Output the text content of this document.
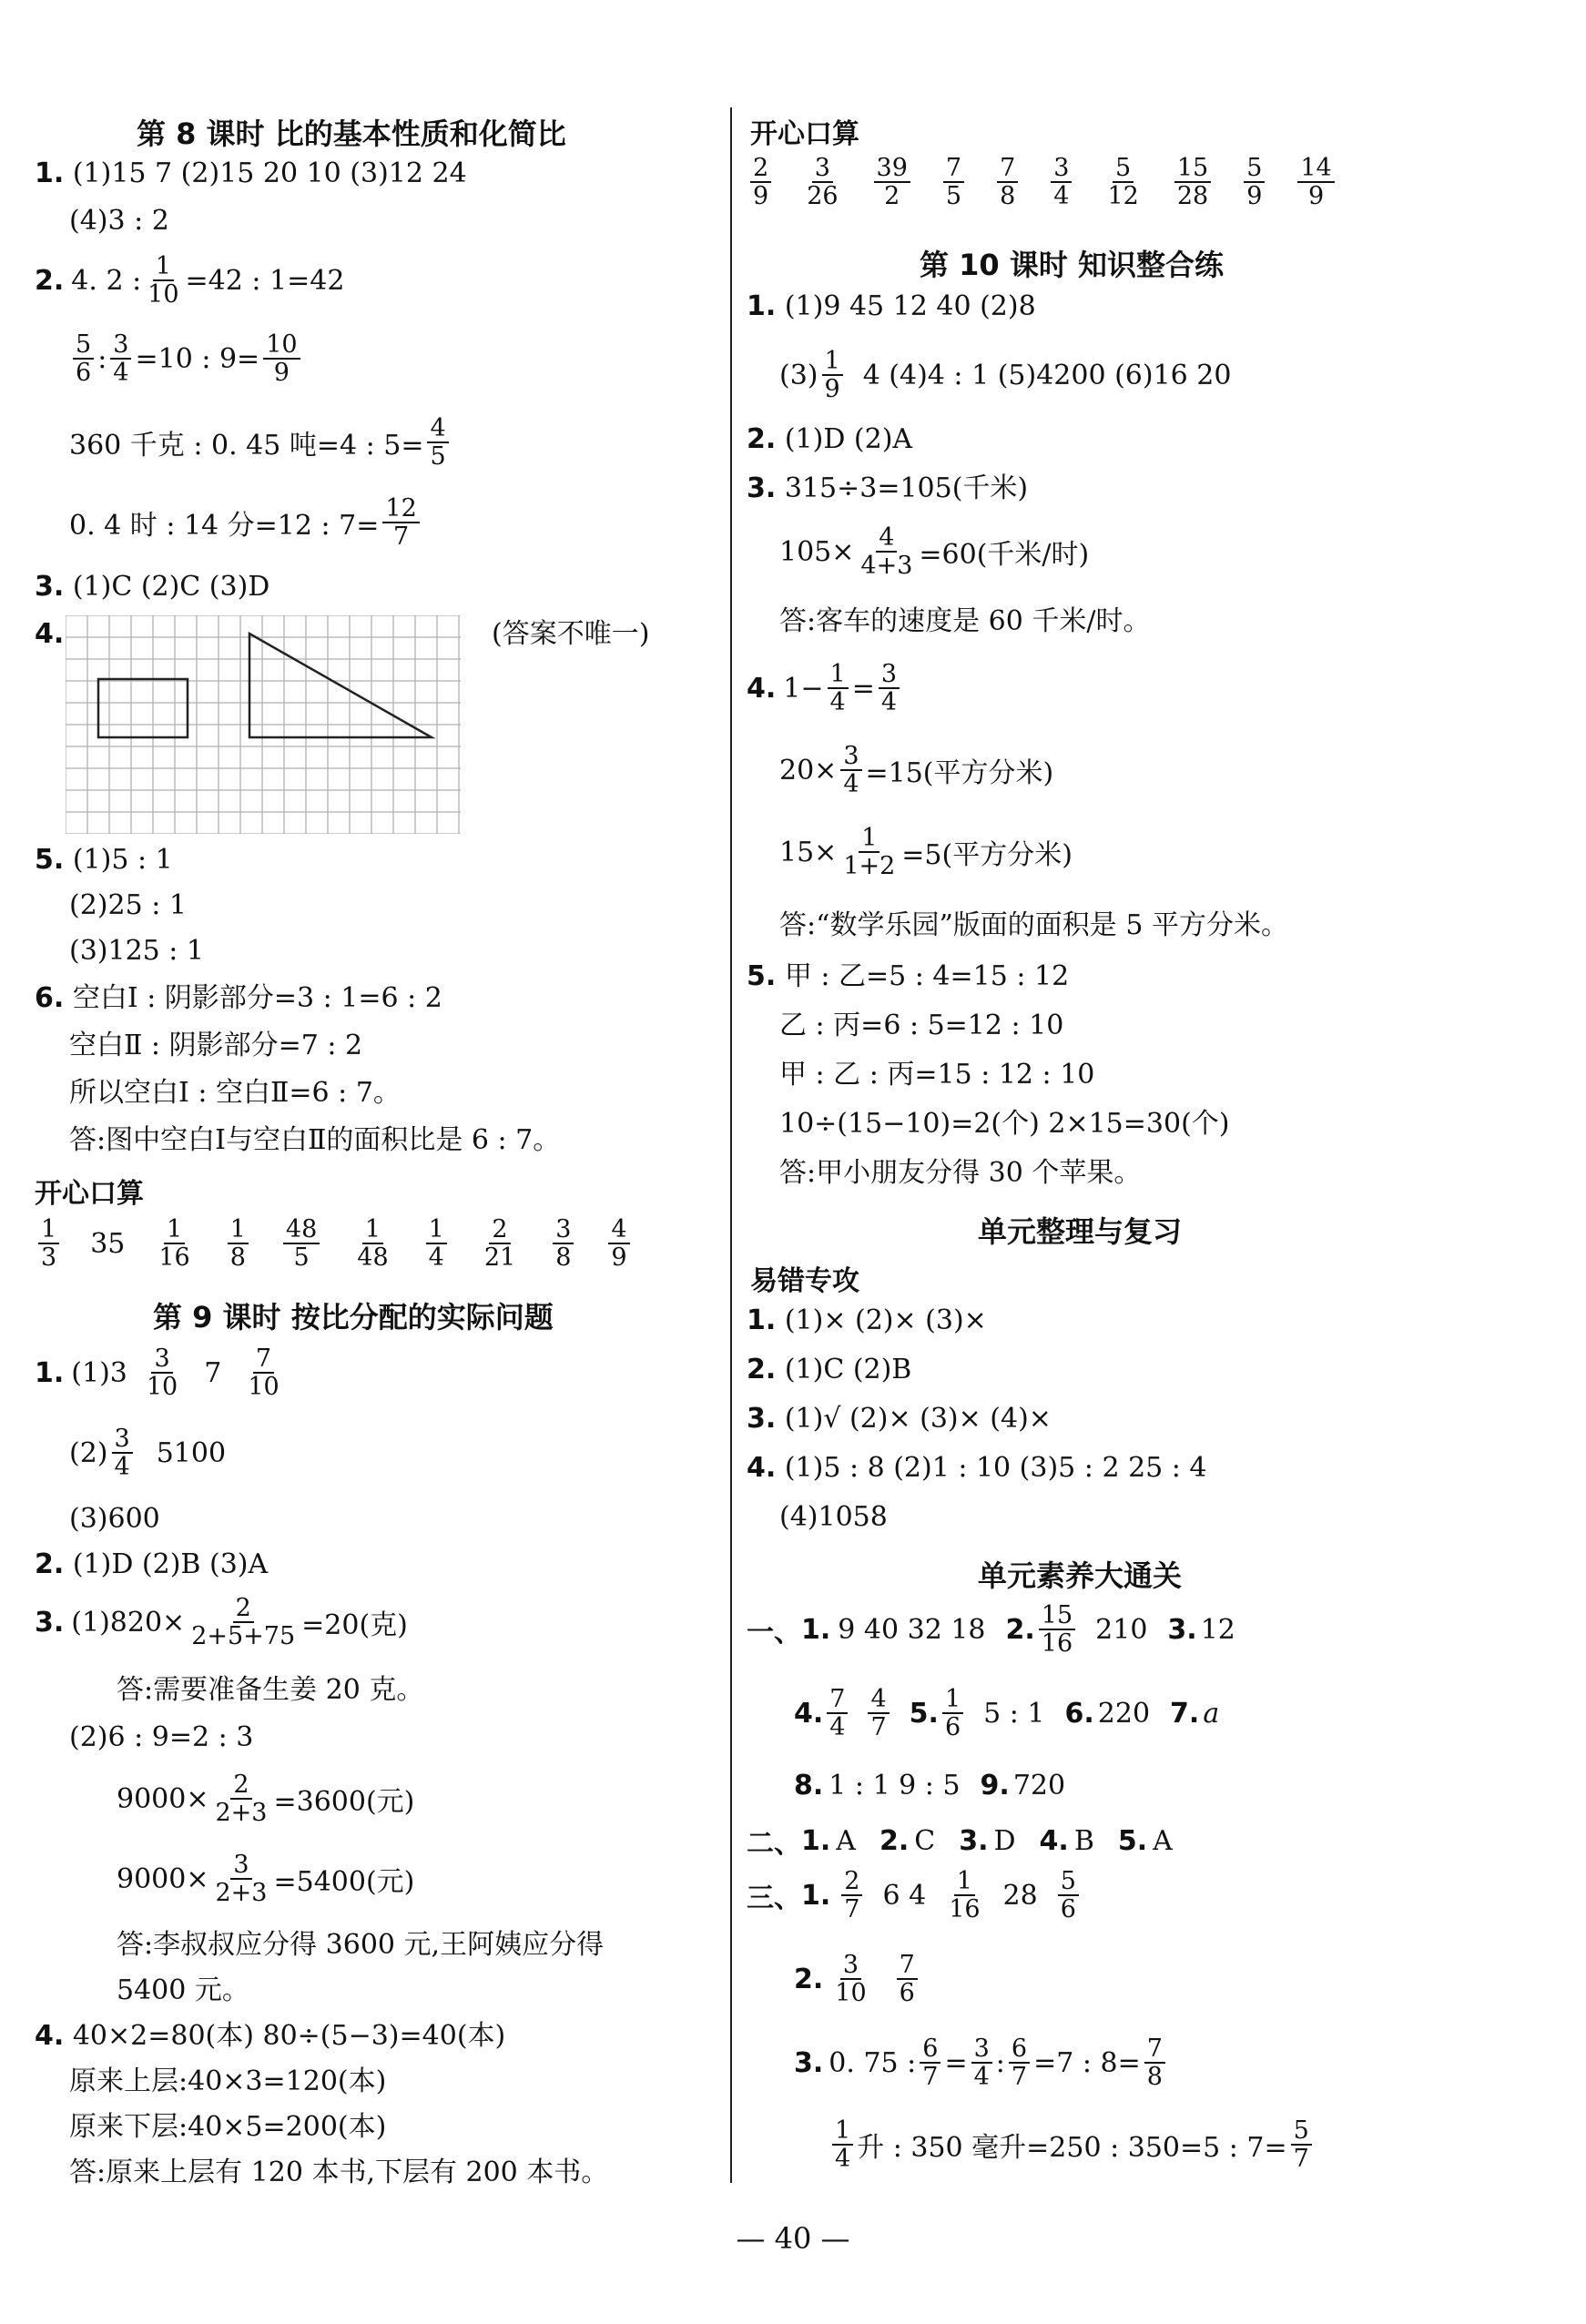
第 8 课时 比的基本性质和化简比
1. (1)15 7 (2)15 20 10 (3)12 24
(4)3 : 2
2. 4. 2 : $\frac{1}{10} =42$ : 1=42
$\frac{5}{6}$ : $\frac{3}{4} =10$ : $9= \frac{10}{9}$
360 千克 : 0. 45 吨=4 : $5= \frac{4}{5}$
0. 4 时 : 14 分=12 : $7= \frac{12}{7}$
3. (1)C (2)C (3)D
4.	(答案不唯一)
5. (1)5 : 1
(2)25 : 1
(3)125 : 1
6. 空白Ⅰ : 阴影部分=3 : 1=6 : 2
空白Ⅱ : 阴影部分=7 : 2
所以空白Ⅰ : 空白Ⅱ=6 : 7。
答:图中空白Ⅰ与空白Ⅱ的面积比是 6 : 7。
开心口算
$\frac{1}{3} 35 \frac{1}{16} \frac{1}{8} \frac{48}{5} \frac{1}{48} \frac{1}{4} \frac{2}{21} \frac{3}{8} \frac{4}{9}$
第 9 课时 按比分配的实际问题
1. $(1)3 \frac{3}{10} 7 \frac{7}{10}$
$(2) \frac{3}{4} 5100$
(3)600
2. (1)D (2)B (3)A
3. $(1)820\times \frac{2}{2+5+75} =20$(克)
答:需要准备生姜 20 克。
(2)6 : 9=2 : 3
$9000\times \frac{2}{2+3} =3600$(元)
$9000\times \frac{3}{2+3} =5400$(元)
答:李叔叔应分得 3600 元,王阿姨应分得
5400 元。
4. 40×2=80(本) 80÷(5−3)=40(本)
原来上层:40×3=120(本)
原来下层:40×5=200(本)
答:原来上层有 120 本书,下层有 200 本书。
开心口算
$\frac{2}{9} \frac{3}{26} \frac{39}{2} \frac{7}{5} \frac{7}{8} \frac{3}{4} \frac{5}{12} \frac{15}{28} \frac{5}{9} \frac{14}{9}$
第 10 课时 知识整合练
1. (1)9 45 12 40 (2)8
$(3) \frac{1}{9} 4$ (4)4 : 1 (5)4200 (6)16 20
2. (1)D (2)A
3. 315÷3=105(千米)
$105\times \frac{4}{4+3} =60$(千米/时)
答:客车的速度是 60 千米/时。
4. $1- \frac{1}{4} = \frac{3}{4}$
$20\times \frac{3}{4} =15$(平方分米)
$15\times \frac{1}{1+2} =5$(平方分米)
答:“数学乐园”版面的面积是 5 平方分米。
5. 甲 : 乙=5 : 4=15 : 12
乙 : 丙=6 : 5=12 : 10
甲 : 乙 : 丙=15 : 12 : 10
10÷(15−10)=2(个) 2×15=30(个)
答:甲小朋友分得 30 个苹果。
单元整理与复习
易错专攻
1. (1)× (2)× (3)×
2. (1)C (2)B
3. (1)√ (2)× (3)× (4)×
4. (1)5 : 8 (2)1 : 10 (3)5 : 2 25 : 4
(4)1058
单元素养大通关
一、 1. 9 40 32 18 2. $\frac{15}{16} 210$ 3. 12
4. $\frac{7}{4} \frac{4}{7} 5$. $\frac{1}{6} 5$ : 1 6. 220 7. a
8. 1 : 1 9 : 5 9. 720
二、 1. A 2. C 3. D 4. B 5. A
三、 1. $\frac{2}{7} 6$ $4 \frac{1}{16} 28 \frac{5}{6}$
2. $\frac{3}{10} \frac{7}{6}$
3. 0. 75 : $\frac{6}{7} = \frac{3}{4}$ : $\frac{6}{7} =7$ : $8= \frac{7}{8}$
$\frac{1}{4}$ 升 : 350 毫升=250 : 350=5 : $7= \frac{5}{7}$
— 40 —
